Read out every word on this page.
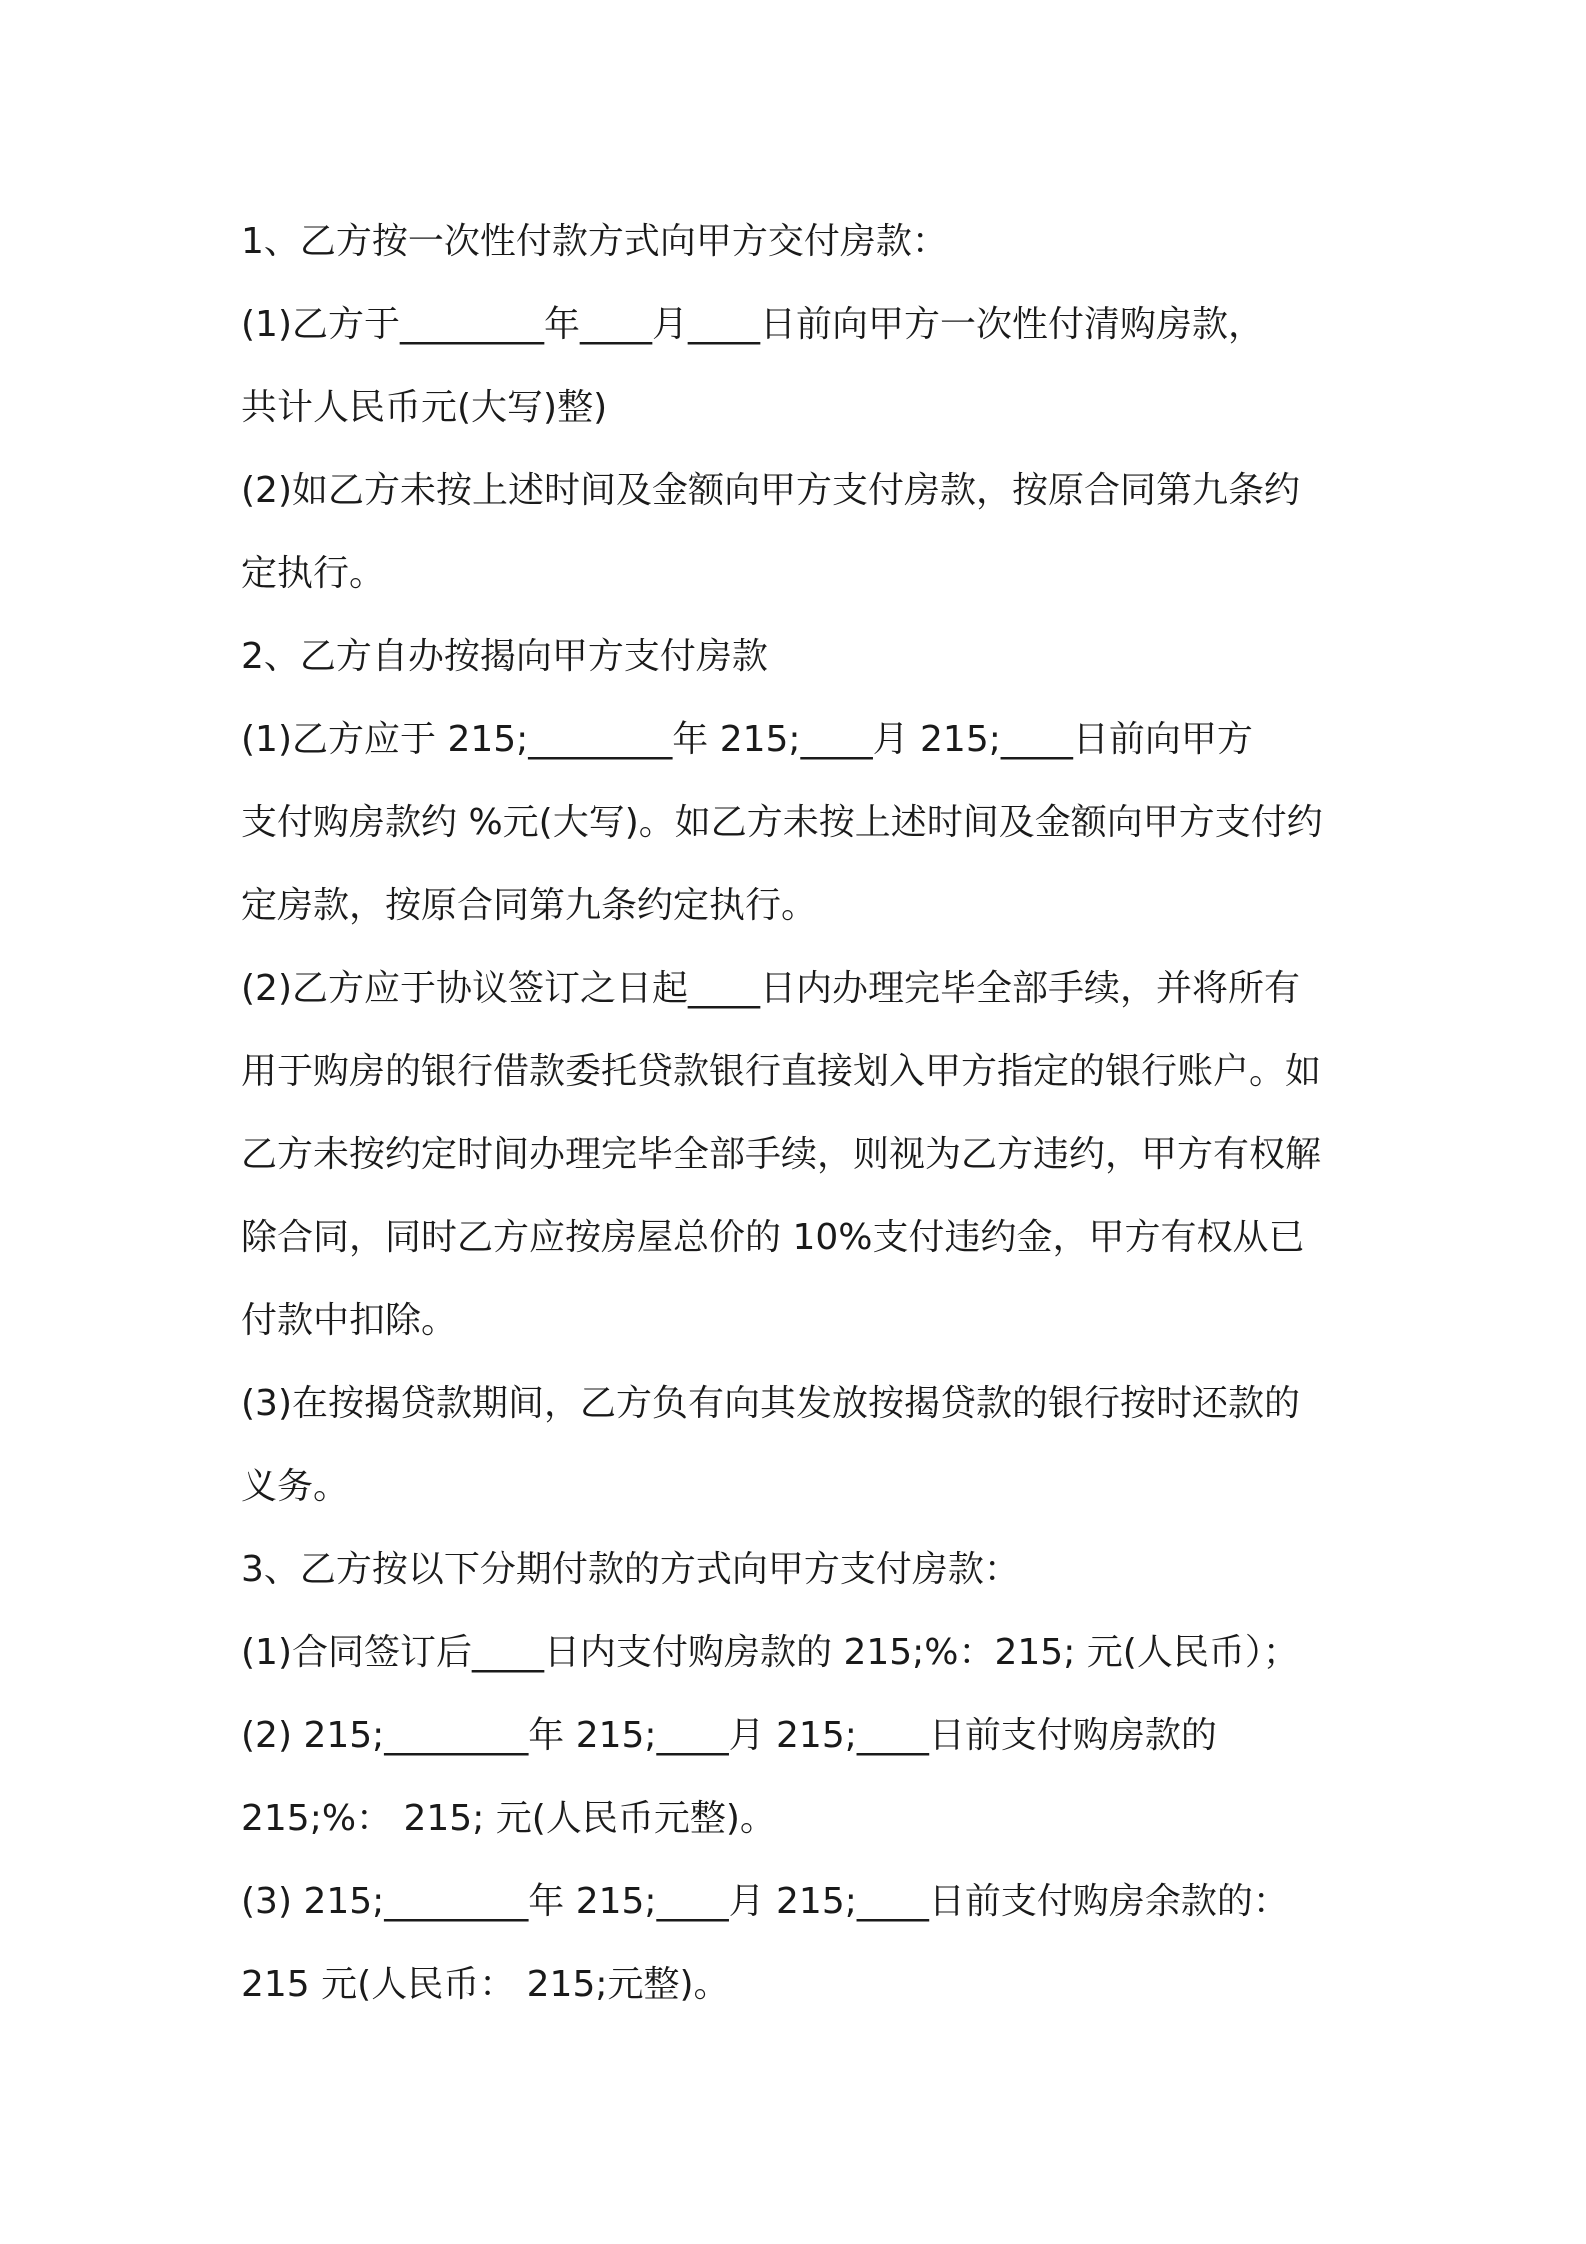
1、乙方按一次性付款方式向甲方交付房款：
(1)乙方于________年____月____日前向甲方一次性付清购房款，
共计人民币元(大写)整)
(2)如乙方未按上述时间及金额向甲方支付房款，按原合同第九条约
定执行。
2、乙方自办按揭向甲方支付房款
(1)乙方应于 215;________年 215;____月 215;____日前向甲方
支付购房款约 %元(大写)。如乙方未按上述时间及金额向甲方支付约
定房款，按原合同第九条约定执行。
(2)乙方应于协议签订之日起____日内办理完毕全部手续，并将所有
用于购房的银行借款委托贷款银行直接划入甲方指定的银行账户。如
乙方未按约定时间办理完毕全部手续，则视为乙方违约，甲方有权解
除合同，同时乙方应按房屋总价的 10%支付违约金，甲方有权从已
付款中扣除。
(3)在按揭贷款期间，乙方负有向其发放按揭贷款的银行按时还款的
义务。
3、乙方按以下分期付款的方式向甲方支付房款：
(1)合同签订后____日内支付购房款的 215;%：215; 元(人民币）；
(2) 215;________年 215;____月 215;____日前支付购房款的
215;%： 215; 元(人民币元整)。
(3) 215;________年 215;____月 215;____日前支付购房余款的：
215 元(人民币： 215;元整)。
